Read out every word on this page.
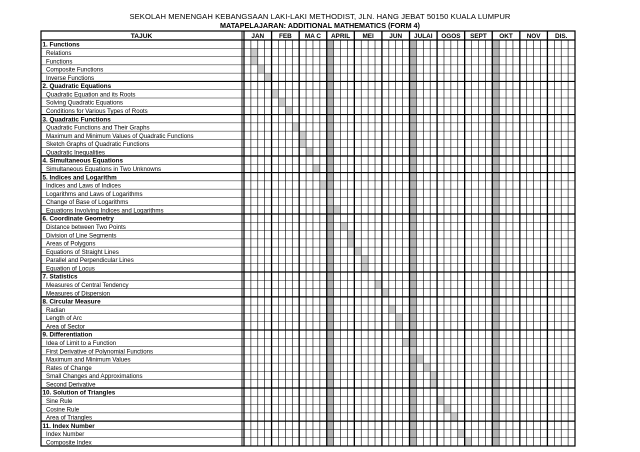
SEKOLAH MENENGAH KEBANGSAAN LAKI-LAKI METHODIST, JLN. HANG JEBAT 50150 KUALA LUMPUR
MATAPELAJARAN: ADDITIONAL MATHEMATICS (FORM 4)
TAJUK	JAN FEB MA C APRIL MEI JUN JULAI OGOS SEPT OKT NOV DIS.
1. Functions
Relations
Functions
Composite Functions
Inverse Functions
2. Quadratic Equations
Quadratic Equation and its Roots
Solving Quadratic Equations
Conditions for Various Types of Roots
3. Quadratic Functions
Quadratic Functions and Their Graphs
Maximum and Minimum Values of Quadratic Functions
Sketch Graphs of Quadratic Functions
Quadratic Inequalities
4. Simultaneous Equations
Simultaneous Equations in Two Unknowns
5. Indices and Logarithm
Indices and Laws of Indices
Logarithms and Laws of Logarithms
Change of Base of Logarithms
Equations Involving Indices and Logarithms
6. Coordinate Geometry
Distance between Two Points
Division of Line Segments
Areas of Polygons
Equations of Straight Lines
Parallel and Perpendicular Lines
Equation of Locus
7. Statistics
Measures of Central Tendency
Measures of Dispersion
8. Circular Measure
Radian
Length of Arc
Area of Sector
9. Differentiation
Idea of Limit to a Function
First Derivative of Polynomial Functions
Maximum and Minimum Values
Rates of Change
Small Changes and Approximations
Second Derivative
10. Solution of Triangles
Sine Rule
Cosine Rule
Area of Triangles
11. Index Number
Index Number
Composite Index
